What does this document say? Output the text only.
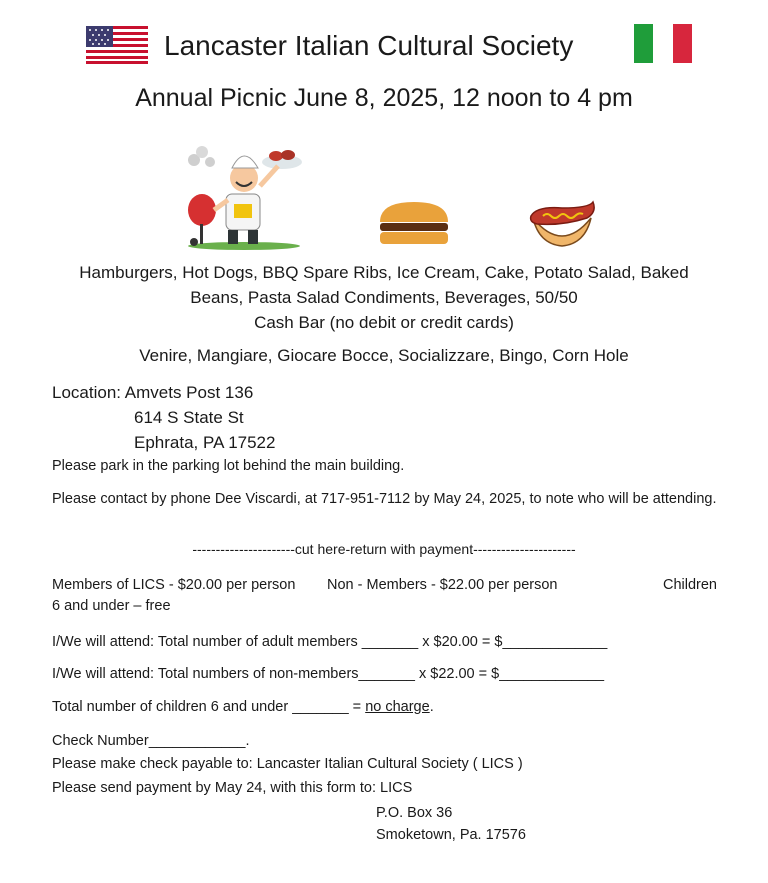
Lancaster Italian Cultural Society
Annual Picnic June 8, 2025, 12 noon to 4 pm
Hamburgers, Hot Dogs, BBQ Spare Ribs, Ice Cream, Cake, Potato Salad, Baked
Beans, Pasta Salad Condiments, Beverages, 50/50
Cash Bar (no debit or credit cards)
Venire, Mangiare, Giocare Bocce, Socializzare, Bingo, Corn Hole
Location: Amvets Post 136
614 S State St
Ephrata, PA 17522
Please park in the parking lot behind the main building.
Please contact by phone Dee Viscardi, at 717-951-7112 by May 24, 2025, to note who will be attending.
----------------------cut here-return with payment----------------------
Members of LICS - $20.00 per person Non - Members - $22.00 per person	Children
6 and under – free
I/We will attend: Total number of adult members _______ x $20.00 = $_____________
I/We will attend: Total numbers of non-members_______ x $22.00 = $_____________
Total number of children 6 and under _______ = no charge.
Check Number____________.
Please make check payable to: Lancaster Italian Cultural Society ( LICS )
Please send payment by May 24, with this form to: LICS
P.O. Box 36
Smoketown, Pa. 17576
